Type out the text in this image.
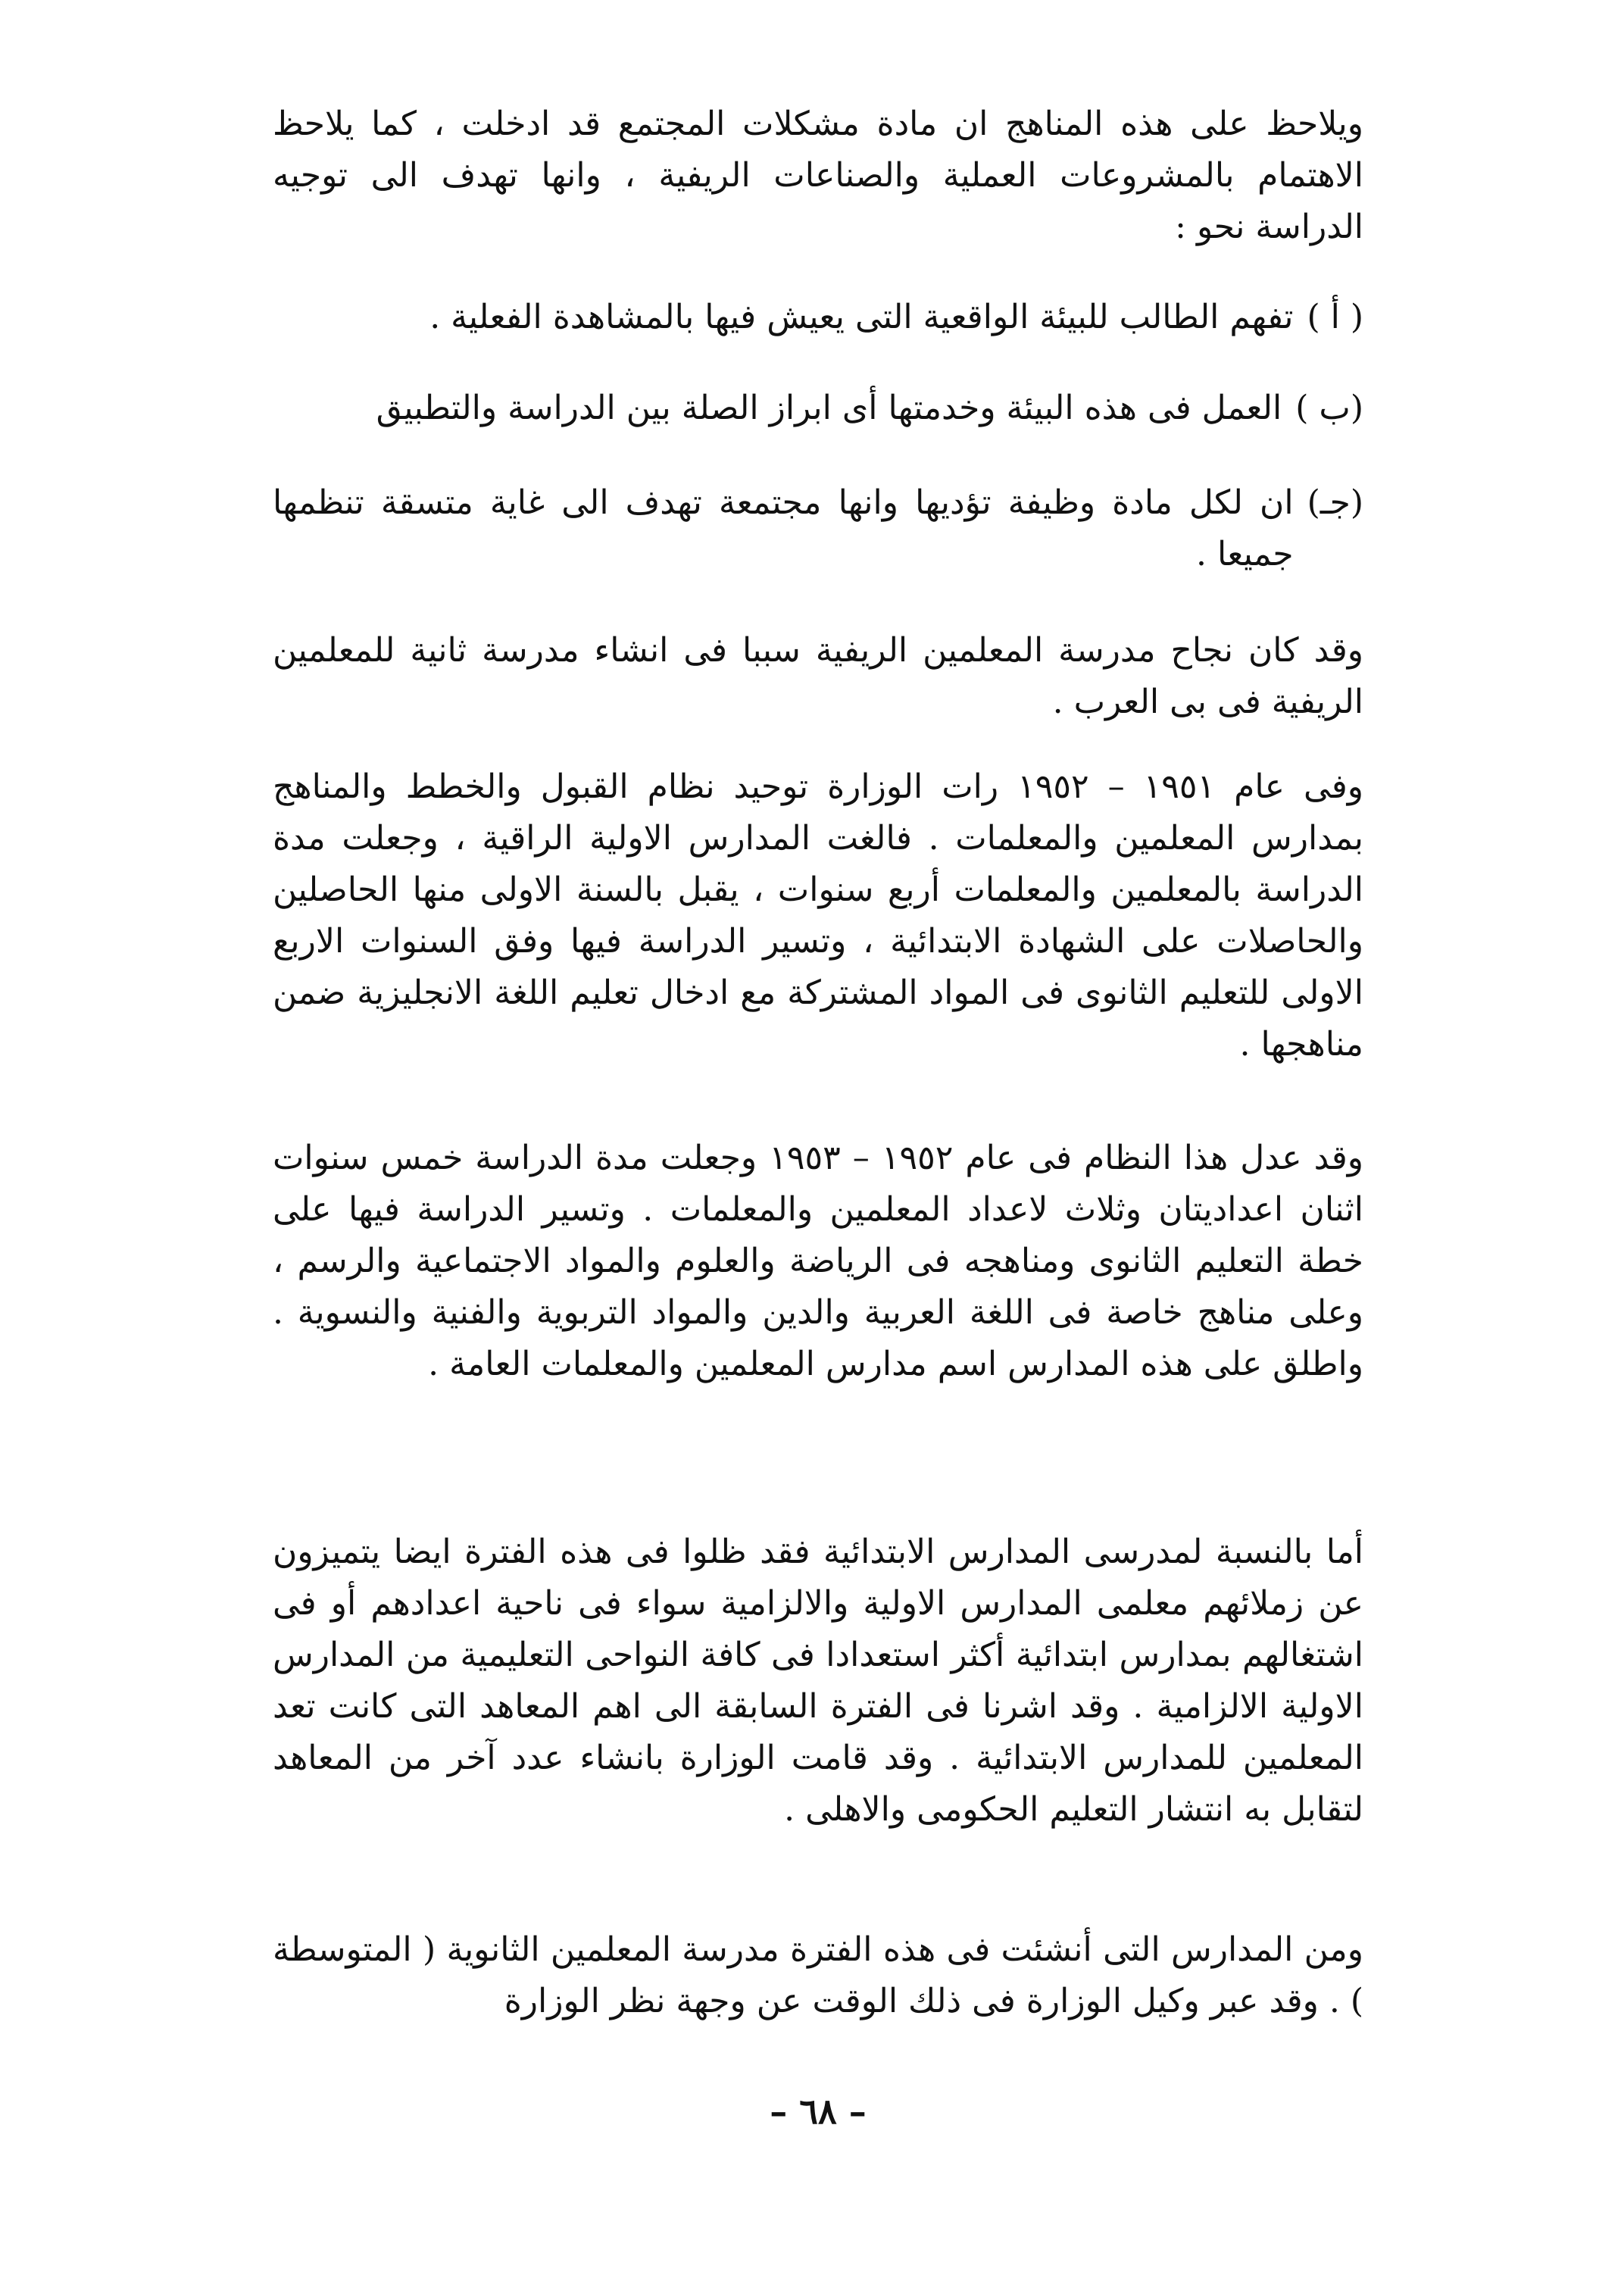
ويلاحظ على هذه المناهج ان مادة مشكلات المجتمع قد ادخلت ، كما يلاحظ الاهتمام بالمشروعات العملية والصناعات الريفية ، وانها تهدف الى توجيه الدراسة نحو :

( أ )
تفهم الطالب للبيئة الواقعية التى يعيش فيها بالمشاهدة الفعلية .
(ب )
العمل فى هذه البيئة وخدمتها أى ابراز الصلة بين الدراسة والتطبيق
(جـ)
ان لكل مادة وظيفة تؤديها وانها مجتمعة تهدف الى غاية متسقة تنظمها جميعا .

وقد كان نجاح مدرسة المعلمين الريفية سببا فى انشاء مدرسة ثانية للمعلمين الريفية فى بى العرب .

وفى عام ١٩٥١ – ١٩٥٢ رات الوزارة توحيد نظام القبول والخطط والمناهج بمدارس المعلمين والمعلمات . فالغت المدارس الاولية الراقية ، وجعلت مدة الدراسة بالمعلمين والمعلمات أربع سنوات ، يقبل بالسنة الاولى منها الحاصلين والحاصلات على الشهادة الابتدائية ، وتسير الدراسة فيها وفق السنوات الاربع الاولى للتعليم الثانوى فى المواد المشتركة مع ادخال تعليم اللغة الانجليزية ضمن مناهجها .

وقد عدل هذا النظام فى عام ١٩٥٢ – ١٩٥٣ وجعلت مدة الدراسة خمس سنوات اثنان اعداديتان وثلاث لاعداد المعلمين والمعلمات . وتسير الدراسة فيها على خطة التعليم الثانوى ومناهجه فى الرياضة والعلوم والمواد الاجتماعية والرسم ، وعلى مناهج خاصة فى اللغة العربية والدين والمواد التربوية والفنية والنسوية . واطلق على هذه المدارس اسم مدارس المعلمين والمعلمات العامة .

أما بالنسبة لمدرسى المدارس الابتدائية فقد ظلوا فى هذه الفترة ايضا يتميزون عن زملائهم معلمى المدارس الاولية والالزامية سواء فى ناحية اعدادهم أو فى اشتغالهم بمدارس ابتدائية أكثر استعدادا فى كافة النواحى التعليمية من المدارس الاولية الالزامية . وقد اشرنا فى الفترة السابقة الى اهم المعاهد التى كانت تعد المعلمين للمدارس الابتدائية . وقد قامت الوزارة بانشاء عدد آخر من المعاهد لتقابل به انتشار التعليم الحكومى والاهلى .

ومن المدارس التى أنشئت فى هذه الفترة مدرسة المعلمين الثانوية ( المتوسطة ) . وقد عبر وكيل الوزارة فى ذلك الوقت عن وجهة نظر الوزارة

– ٦٨ –
